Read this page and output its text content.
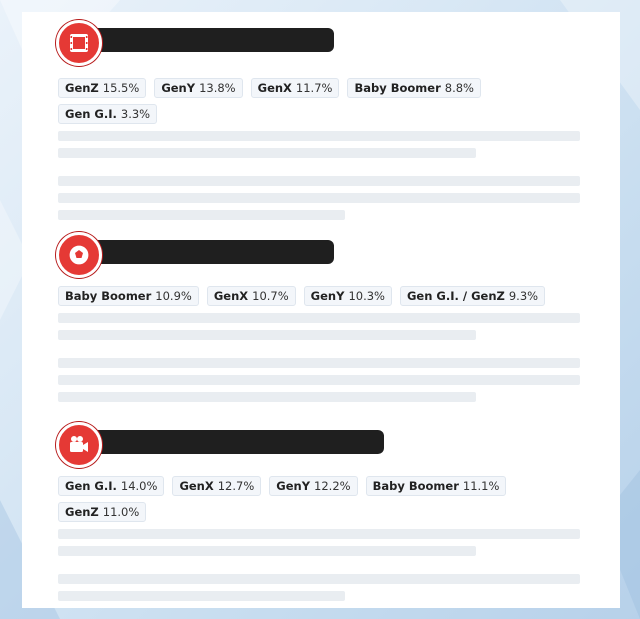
GenZ 15.5% GenY 13.8% GenX 11.7% Baby Boomer 8.8%
Gen G.I. 3.3%
Baby Boomer 10.9% GenX 10.7% GenY 10.3% Gen G.I. / GenZ 9.3%
Gen G.I. 14.0% GenX 12.7% GenY 12.2% Baby Boomer 11.1%
GenZ 11.0%
